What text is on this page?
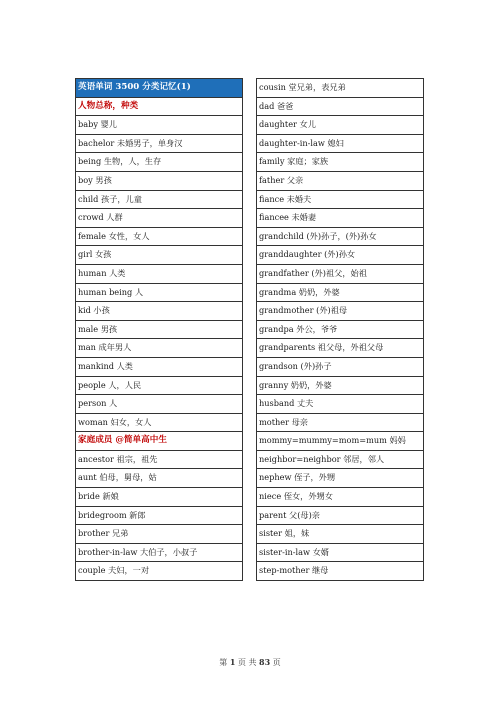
英语单词 3500 分类记忆(1)
人物总称，种类
baby 婴儿
bachelor 未婚男子，单身汉
being 生物，人，生存
boy 男孩
child 孩子，儿童
crowd 人群
female 女性，女人
girl 女孩
human 人类
human being 人
kid 小孩
male 男孩
man 成年男人
mankind 人类
people 人，人民
person 人
woman 妇女，女人
家庭成员 @简单高中生
ancestor 祖宗，祖先
aunt 伯母，舅母，姑
bride 新娘
bridegroom 新郎
brother 兄弟
brother-in-law 大伯子，小叔子
couple 夫妇，一对
cousin 堂兄弟，表兄弟
dad 爸爸
daughter 女儿
daughter-in-law 媳妇
family 家庭；家族
father 父亲
fiance 未婚夫
fiancee 未婚妻
grandchild (外)孙子，(外)孙女
granddaughter (外)孙女
grandfather (外)祖父，始祖
grandma 奶奶，外婆
grandmother (外)祖母
grandpa 外公，爷爷
grandparents 祖父母，外祖父母
grandson (外)孙子
granny 奶奶，外婆
husband 丈夫
mother 母亲
mommy=mummy=mom=mum 妈妈
neighbor=neighbor 邻居，邻人
nephew 侄子，外甥
niece 侄女，外甥女
parent 父(母)亲
sister 姐，妹
sister-in-law 女婿
step-mother 继母
第 1 页 共 83 页
